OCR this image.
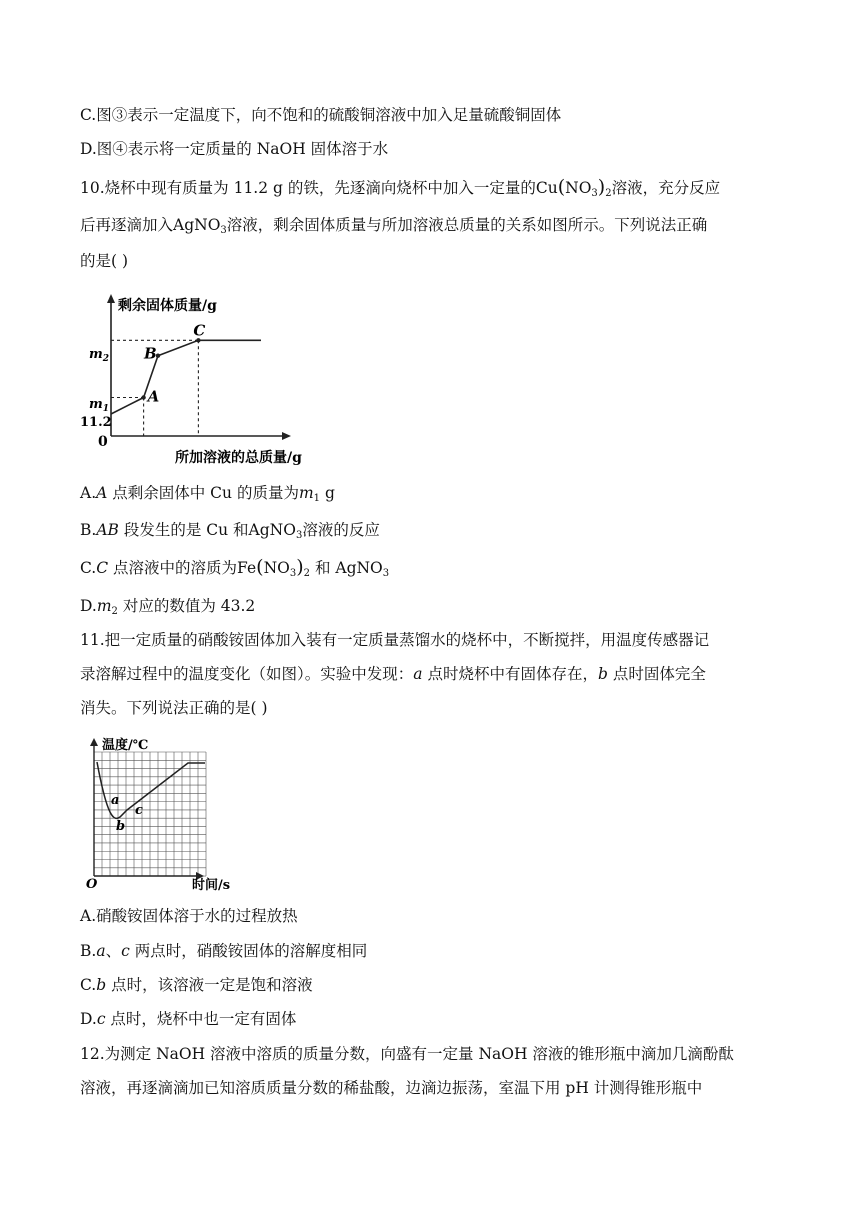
C.图③表示一定温度下，向不饱和的硫酸铜溶液中加入足量硫酸铜固体
D.图④表示将一定质量的 NaOH 固体溶于水
10.烧杯中现有质量为 11.2 g 的铁，先逐滴向烧杯中加入一定量的$Cu(NO_3)_2$溶液，充分反应
后再逐滴加入AgNO$_3$溶液，剩余固体质量与所加溶液总质量的关系如图所示。下列说法正确
的是( )
剩余固体质量/g
所加溶液的总质量/g
0
$m_2$
$m_1$
11.2
A
B
C
A.A 点剩余固体中 Cu 的质量为$m_1$ g
B.AB 段发生的是 Cu 和AgNO$_3$溶液的反应
C.C 点溶液中的溶质为$Fe(NO_3)_2$ 和 AgNO$_3$
$D.m_2$ 对应的数值为 43.2
11.把一定质量的硝酸铵固体加入装有一定质量蒸馏水的烧杯中，不断搅拌，用温度传感器记
录溶解过程中的温度变化（如图）。实验中发现：a 点时烧杯中有固体存在，b 点时固体完全
消失。下列说法正确的是( )
温度/℃
时间/s
O
a
b
c
A.硝酸铵固体溶于水的过程放热
B.a、c 两点时，硝酸铵固体的溶解度相同
C.b 点时，该溶液一定是饱和溶液
D.c 点时，烧杯中也一定有固体
12.为测定 NaOH 溶液中溶质的质量分数，向盛有一定量 NaOH 溶液的锥形瓶中滴加几滴酚酞
溶液，再逐滴滴加已知溶质质量分数的稀盐酸，边滴边振荡，室温下用 pH 计测得锥形瓶中
